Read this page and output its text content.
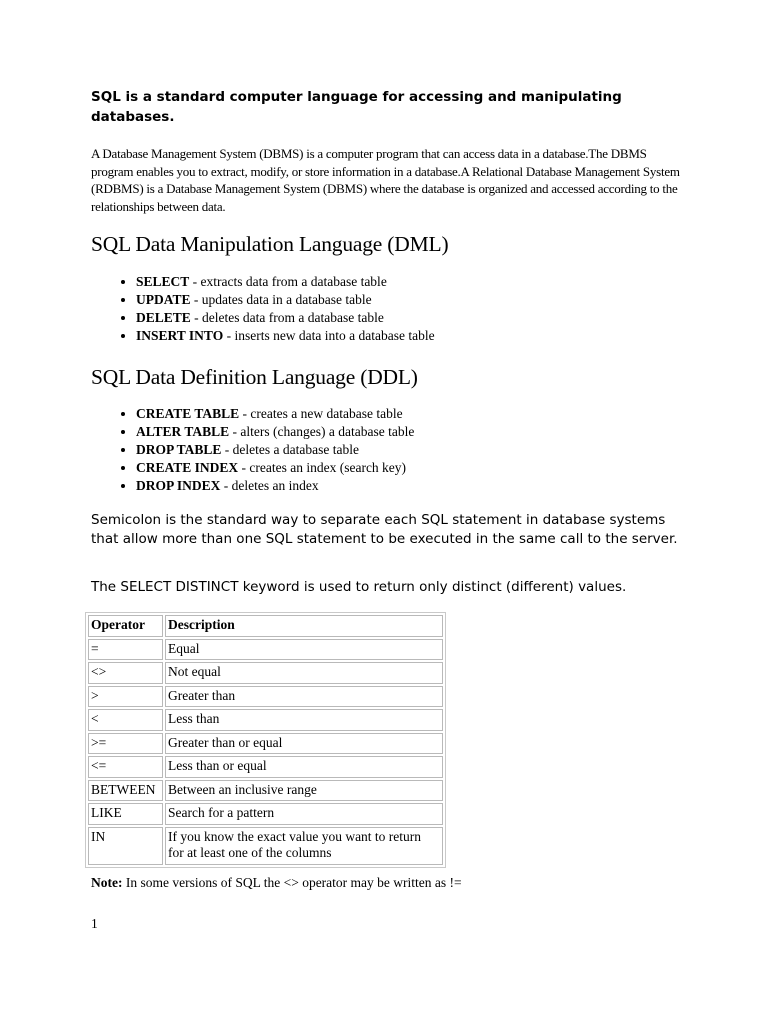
SQL is a standard computer language for accessing and manipulating databases.
A Database Management System (DBMS) is a computer program that can access data in a database.The DBMS program enables you to extract, modify, or store information in a database.A Relational Database Management System (RDBMS) is a Database Management System (DBMS) where the database is organized and accessed according to the relationships between data.
SQL Data Manipulation Language (DML)
• SELECT - extracts data from a database table
• UPDATE - updates data in a database table
• DELETE - deletes data from a database table
• INSERT INTO - inserts new data into a database table
SQL Data Definition Language (DDL)
• CREATE TABLE - creates a new database table
• ALTER TABLE - alters (changes) a database table
• DROP TABLE - deletes a database table
• CREATE INDEX - creates an index (search key)
• DROP INDEX - deletes an index
Semicolon is the standard way to separate each SQL statement in database systems that allow more than one SQL statement to be executed in the same call to the server.
The SELECT DISTINCT keyword is used to return only distinct (different) values.
Operator	Description
=	Equal
<>	Not equal
>	Greater than
<	Less than
>=	Greater than or equal
<=	Less than or equal
BETWEEN	Between an inclusive range
LIKE	Search for a pattern
IN	If you know the exact value you want to return for at least one of the columns
Note: In some versions of SQL the <> operator may be written as !=
1
